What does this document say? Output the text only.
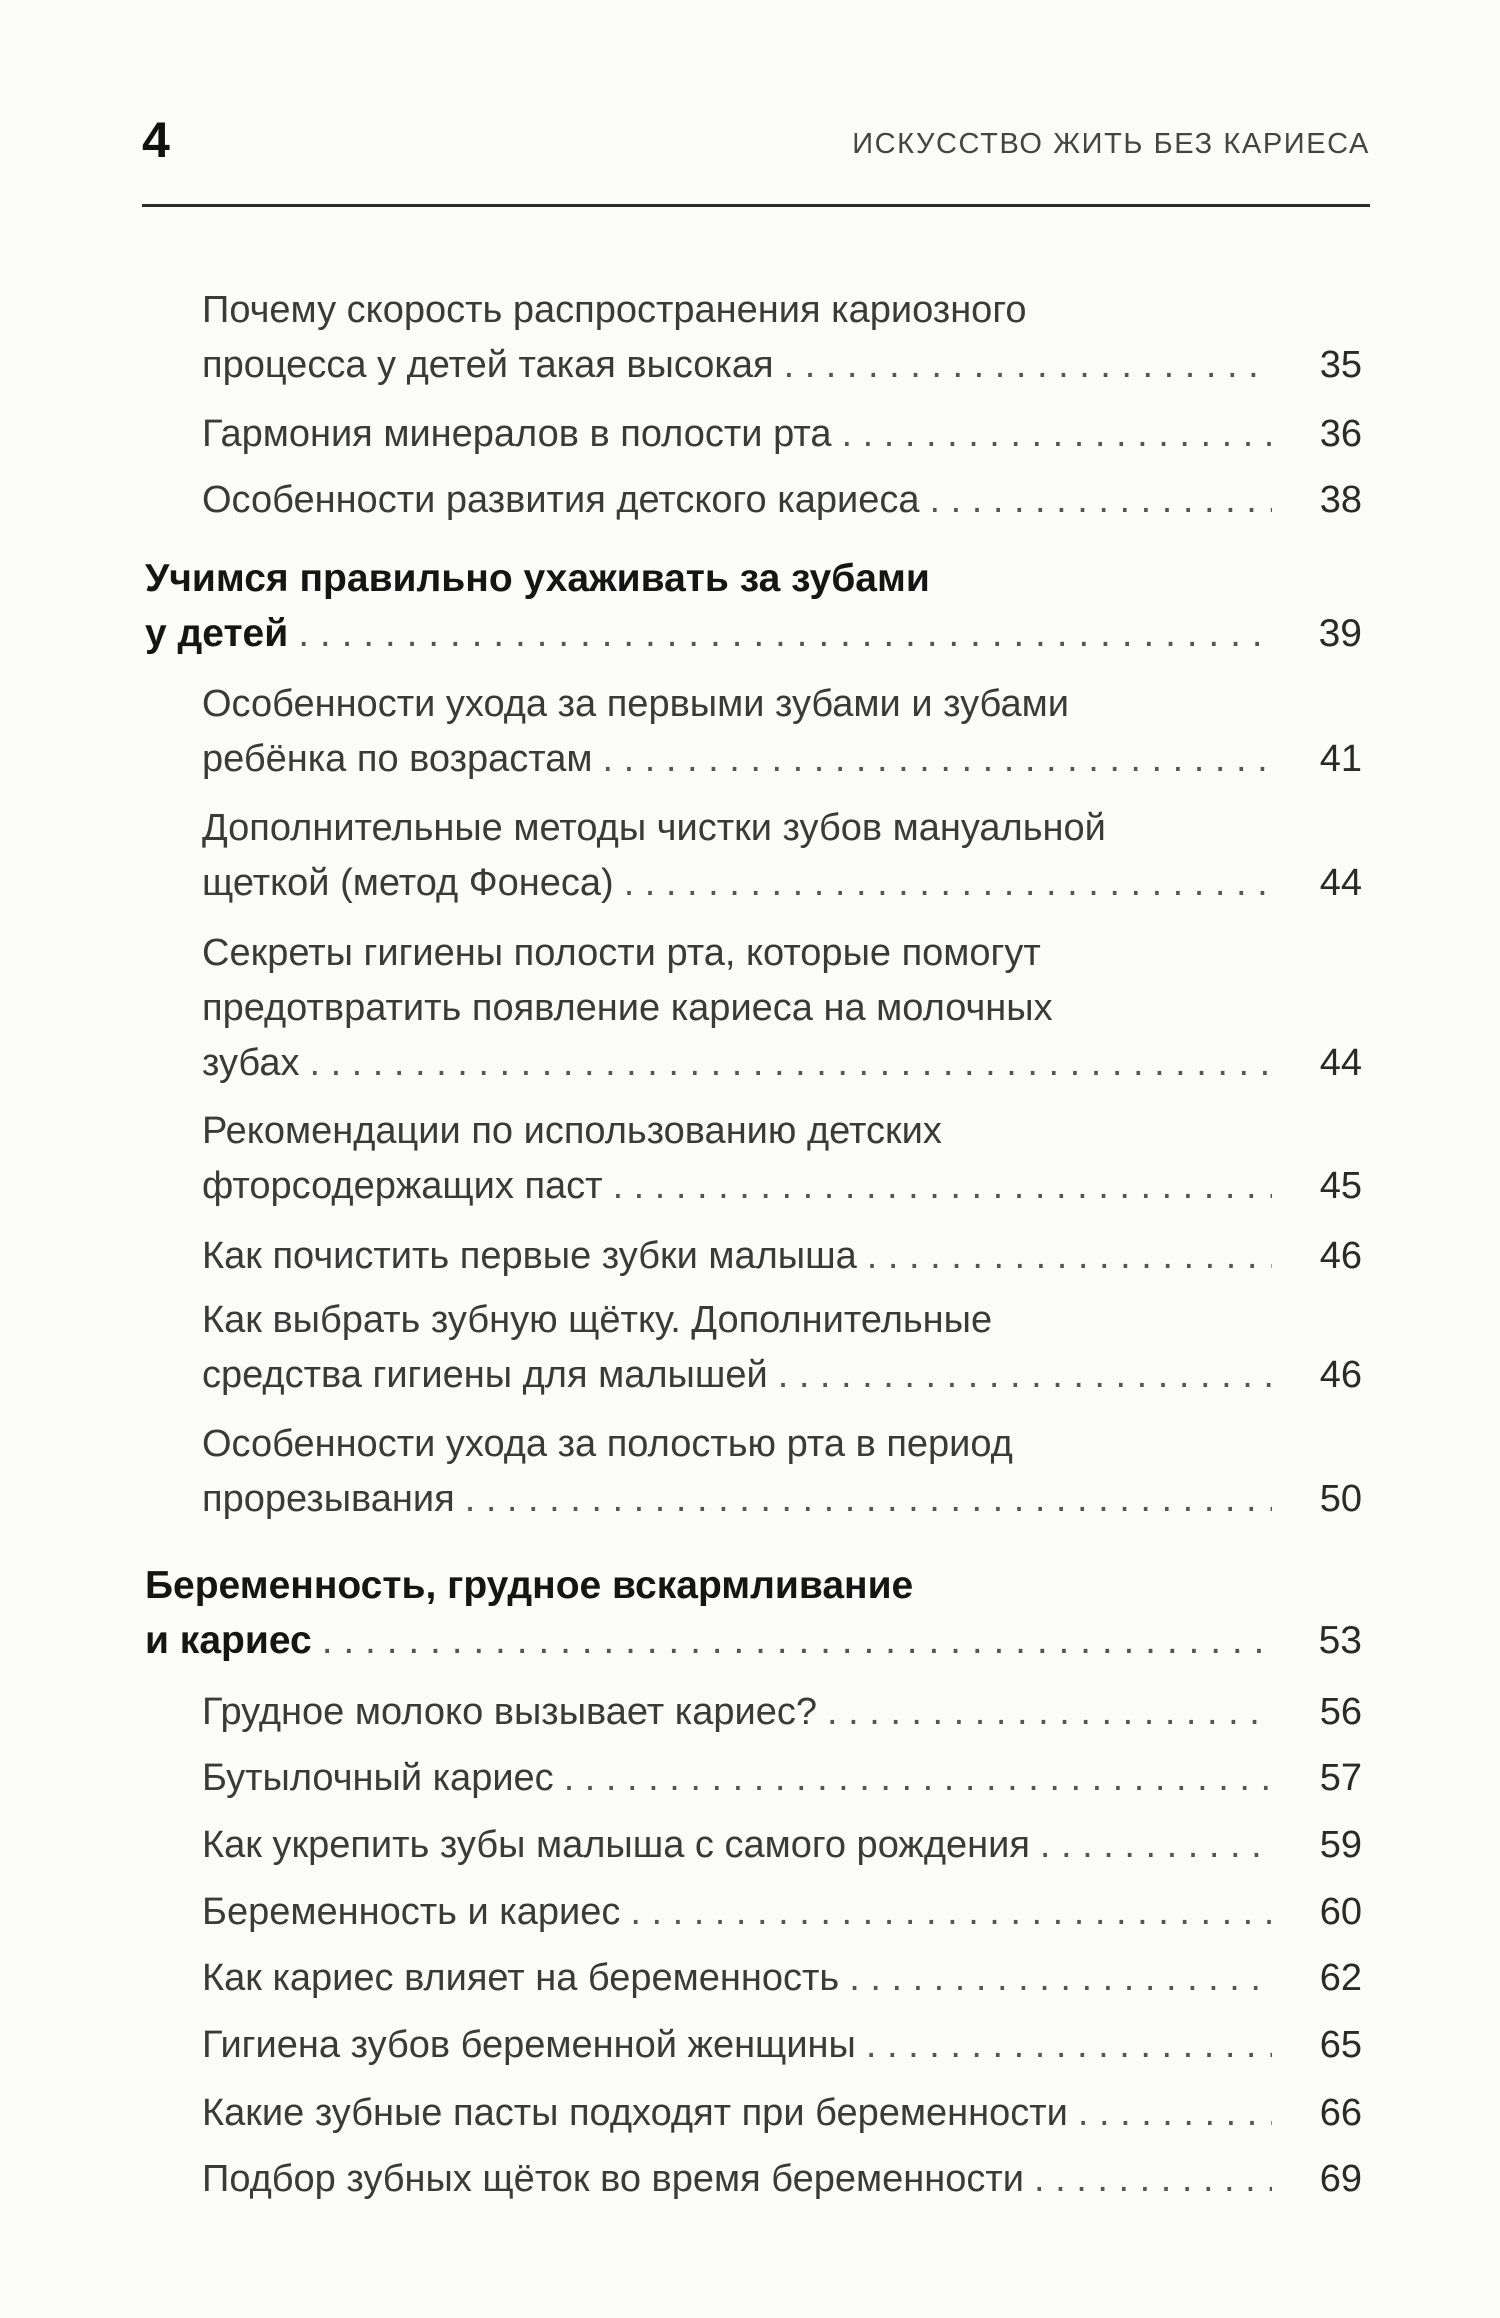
4	ИСКУССТВО ЖИТЬ БЕЗ КАРИЕСА
Почему скорость распространения кариозного
процесса у детей такая высокая . . .	35
Гармония минералов в полости рта . . .	36
Особенности развития детского кариеса . . .	38
Учимся правильно ухаживать за зубами
у детей . . .	39
Особенности ухода за первыми зубами и зубами
ребёнка по возрастам . . .	41
Дополнительные методы чистки зубов мануальной
щеткой (метод Фонеса) . . .	44
Секреты гигиены полости рта, которые помогут
предотвратить появление кариеса на молочных
зубах . . .	44
Рекомендации по использованию детских
фторсодержащих паст . . .	45
Как почистить первые зубки малыша . . .	46
Как выбрать зубную щётку. Дополнительные
средства гигиены для малышей . . .	46
Особенности ухода за полостью рта в период
прорезывания . . .	50
Беременность, грудное вскармливание
и кариес . . .	53
Грудное молоко вызывает кариес? . . .	56
Бутылочный кариес . . .	57
Как укрепить зубы малыша с самого рождения . . .	59
Беременность и кариес . . .	60
Как кариес влияет на беременность . . .	62
Гигиена зубов беременной женщины . . .	65
Какие зубные пасты подходят при беременности . . .	66
Подбор зубных щёток во время беременности . . .	69
